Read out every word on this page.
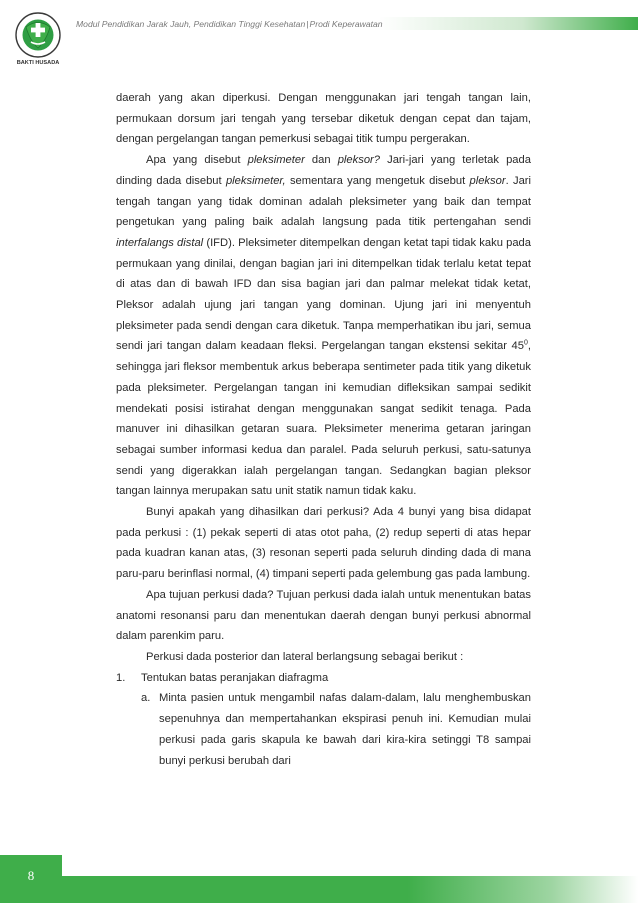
Modul Pendidikan Jarak Jauh, Pendidikan Tinggi Kesehatan|Prodi Keperawatan
BAKTI HUSADA

daerah yang akan diperkusi. Dengan menggunakan jari tengah tangan lain, permukaan dorsum jari tengah yang tersebar diketuk dengan cepat dan tajam, dengan pergelangan tangan pemerkusi sebagai titik tumpu pergerakan.

Apa yang disebut pleksimeter dan pleksor? Jari-jari yang terletak pada dinding dada disebut pleksimeter, sementara yang mengetuk disebut pleksor. Jari tengah tangan yang tidak dominan adalah pleksimeter yang baik dan tempat pengetukan yang paling baik adalah langsung pada titik pertengahan sendi interfalangs distal (IFD). Pleksimeter ditempelkan dengan ketat tapi tidak kaku pada permukaan yang dinilai, dengan bagian jari ini ditempelkan tidak terlalu ketat tepat di atas dan di bawah IFD dan sisa bagian jari dan palmar melekat tidak ketat, Pleksor adalah ujung jari tangan yang dominan. Ujung jari ini menyentuh pleksimeter pada sendi dengan cara diketuk. Tanpa memperhatikan ibu jari, semua sendi jari tangan dalam keadaan fleksi. Pergelangan tangan ekstensi sekitar $45^0$, sehingga jari fleksor membentuk arkus beberapa sentimeter pada titik yang diketuk pada pleksimeter. Pergelangan tangan ini kemudian difleksikan sampai sedikit mendekati posisi istirahat dengan menggunakan sangat sedikit tenaga. Pada manuver ini dihasilkan getaran suara. Pleksimeter menerima getaran jaringan sebagai sumber informasi kedua dan paralel. Pada seluruh perkusi, satu-satunya sendi yang digerakkan ialah pergelangan tangan. Sedangkan bagian pleksor tangan lainnya merupakan satu unit statik namun tidak kaku.

Bunyi apakah yang dihasilkan dari perkusi? Ada 4 bunyi yang bisa didapat pada perkusi : (1) pekak seperti di atas otot paha, (2) redup seperti di atas hepar pada kuadran kanan atas, (3) resonan seperti pada seluruh dinding dada di mana paru-paru berinflasi normal, (4) timpani seperti pada gelembung gas pada lambung.

Apa tujuan perkusi dada? Tujuan perkusi dada ialah untuk menentukan batas anatomi resonansi paru dan menentukan daerah dengan bunyi perkusi abnormal dalam parenkim paru.

Perkusi dada posterior dan lateral berlangsung sebagai berikut :

1. Tentukan batas peranjakan diafragma
a. Minta pasien untuk mengambil nafas dalam-dalam, lalu menghembuskan sepenuhnya dan mempertahankan ekspirasi penuh ini. Kemudian mulai perkusi pada garis skapula ke bawah dari kira-kira setinggi T8 sampai bunyi perkusi berubah dari
8
